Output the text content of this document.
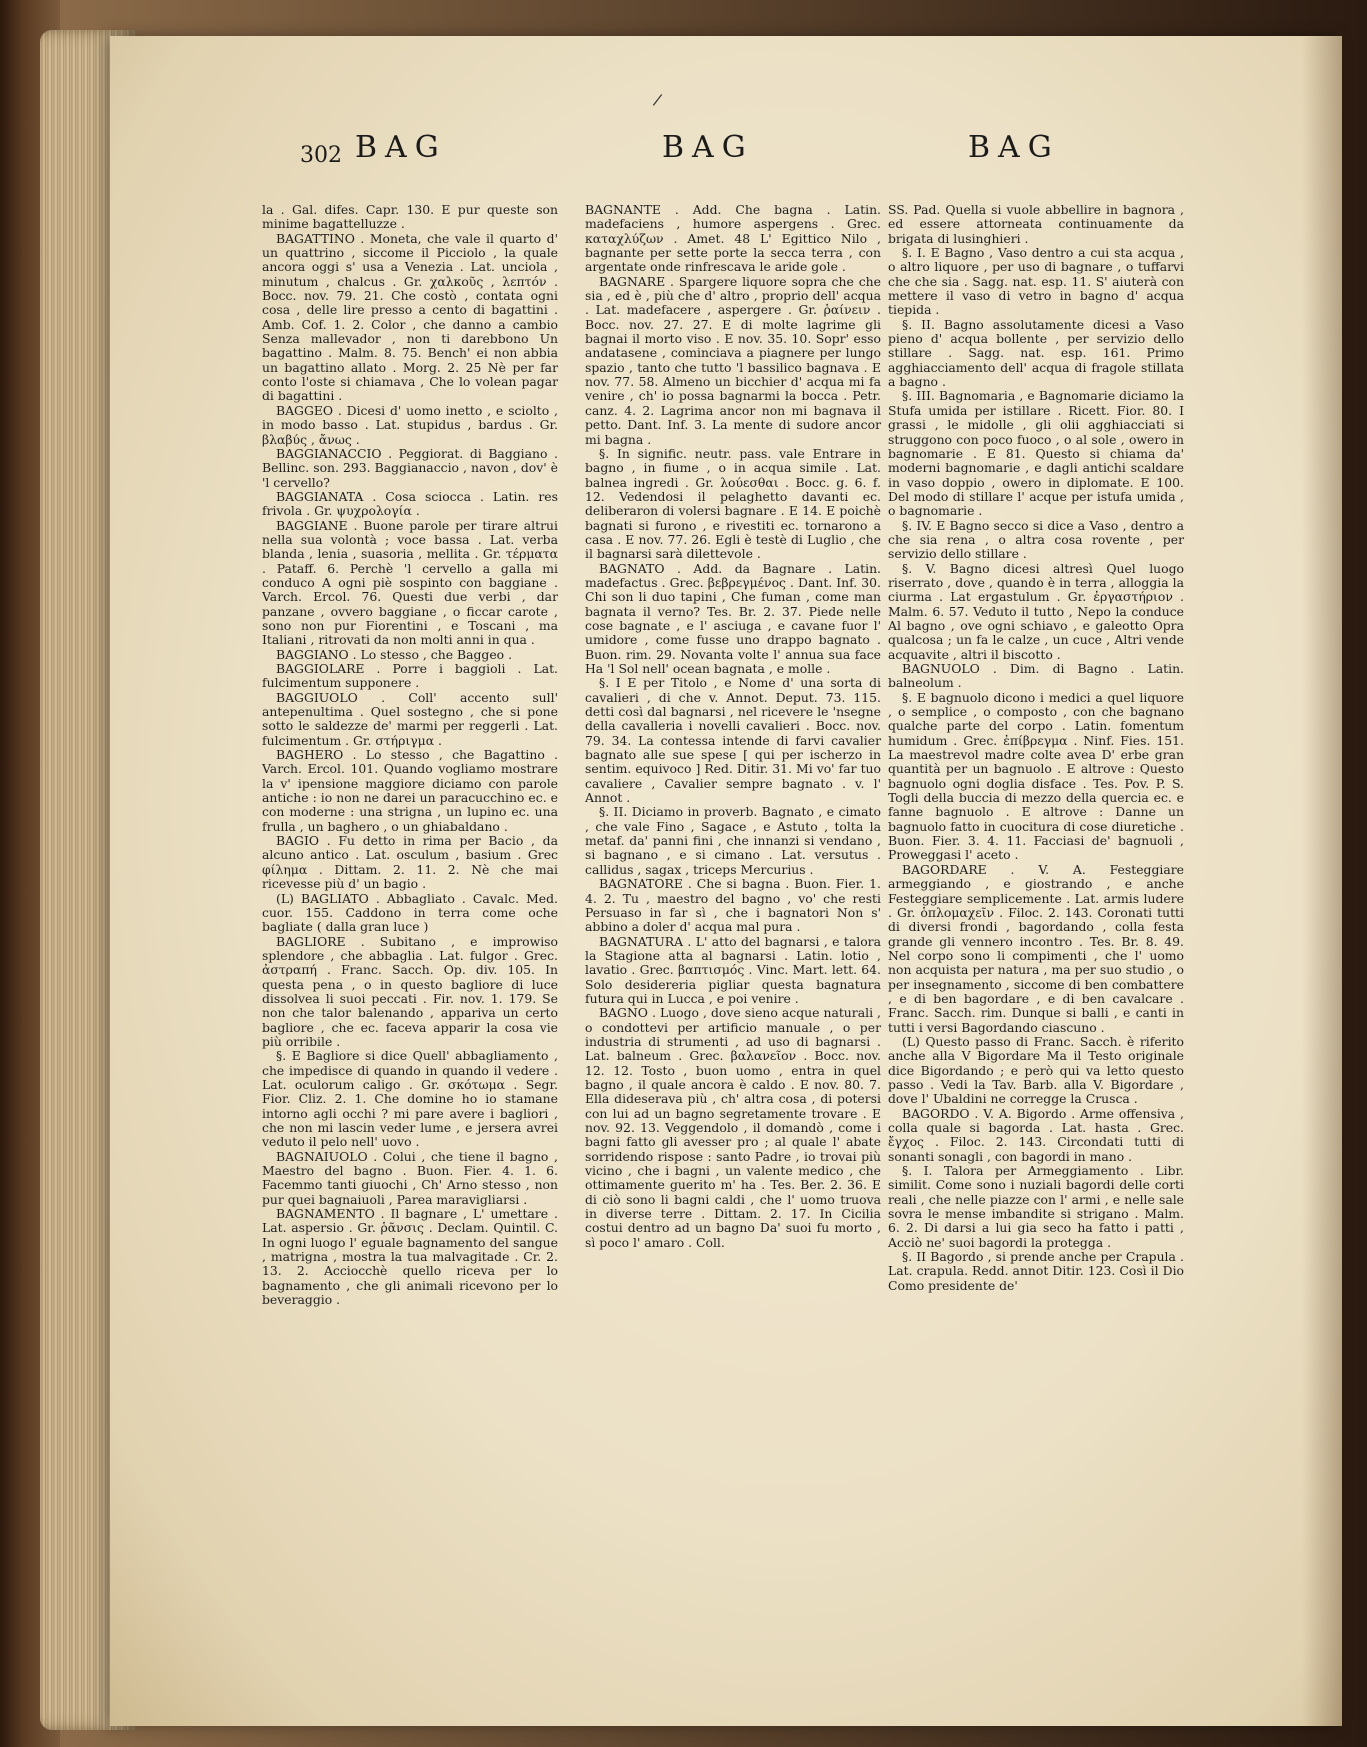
/
302 BAG	BAG	BAG

la . Gal. difes. Capr. 130. E pur queste son minime bagattelluzze .

BAGATTINO . Moneta, che vale il quarto d' un quattrino , siccome il Picciolo , la quale ancora oggi s' usa a Venezia . Lat. unciola , minutum , chalcus . Gr. χαλκοῦς , λεπτόν . Bocc. nov. 79. 21. Che costò , contata ogni cosa , delle lire presso a cento di bagattini . Amb. Cof. 1. 2. Color , che danno a cambio Senza mallevador , non ti darebbono Un bagattino . Malm. 8. 75. Bench' ei non abbia un bagattino allato . Morg. 2. 25 Nè per far conto l'oste si chiamava , Che lo volean pagar di bagattini .

BAGGEO . Dicesi d' uomo inetto , e sciolto , in modo basso . Lat. stupidus , bardus . Gr. βλαβύς , ἄνως .

BAGGIANACCIO . Peggiorat. di Baggiano . Bellinc. son. 293. Baggianaccio , navon , dov' è 'l cervello?

BAGGIANATA . Cosa sciocca . Latin. res frivola . Gr. ψυχρολογία .

BAGGIANE . Buone parole per tirare altrui nella sua volontà ; voce bassa . Lat. verba blanda , lenia , suasoria , mellita . Gr. τέρματα . Pataff. 6. Perchè 'l cervello a galla mi conduco A ogni piè sospinto con baggiane . Varch. Ercol. 76. Questi due verbi , dar panzane , ovvero baggiane , o ficcar carote , sono non pur Fiorentini , e Toscani , ma Italiani , ritrovati da non molti anni in qua .

BAGGIANO . Lo stesso , che Baggeo .

BAGGIOLARE . Porre i baggioli . Lat. fulcimentum supponere .

BAGGIUOLO . Coll' accento sull' antepenultima . Quel sostegno , che si pone sotto le saldezze de' marmi per reggerli . Lat. fulcimentum . Gr. στήριγμα .

BAGHERO . Lo stesso , che Bagattino . Varch. Ercol. 101. Quando vogliamo mostrare la v' ipensione maggiore diciamo con parole antiche : io non ne darei un paracucchino ec. e con moderne : una strigna , un lupino ec. una frulla , un baghero , o un ghiabaldano .

BAGIO . Fu detto in rima per Bacio , da alcuno antico . Lat. osculum , basium . Grec φίλημα . Dittam. 2. 11. 2. Nè che mai ricevesse più d' un bagio .

(L) BAGLIATO . Abbagliato . Cavalc. Med. cuor. 155. Caddono in terra come oche bagliate ( dalla gran luce )

BAGLIORE . Subitano , e improwiso splendore , che abbaglia . Lat. fulgor . Grec. ἀστραπή . Franc. Sacch. Op. div. 105. In questa pena , o in questo bagliore di luce dissolvea li suoi peccati . Fir. nov. 1. 179. Se non che talor balenando , appariva un certo bagliore , che ec. faceva apparir la cosa vie più orribile .

§. E Bagliore si dice Quell' abbagliamento , che impedisce di quando in quando il vedere . Lat. oculorum caligo . Gr. σκότωμα . Segr. Fior. Cliz. 2. 1. Che domine ho io stamane intorno agli occhi ? mi pare avere i bagliori , che non mi lascin veder lume , e jersera avrei veduto il pelo nell' uovo .

BAGNAIUOLO . Colui , che tiene il bagno , Maestro del bagno . Buon. Fier. 4. 1. 6. Facemmo tanti giuochi , Ch' Arno stesso , non pur quei bagnaiuoli , Parea maravigliarsi .

BAGNAMENTO . Il bagnare , L' umettare . Lat. aspersio . Gr. ῥᾶνσις . Declam. Quintil. C. In ogni luogo l' eguale bagnamento del sangue , matrigna , mostra la tua malvagitade . Cr. 2. 13. 2. Acciocchè quello riceva per lo bagnamento , che gli animali ricevono per lo beveraggio .

BAGNANTE . Add. Che bagna . Latin. madefaciens , humore aspergens . Grec. καταχλύζων . Amet. 48 L' Egittico Nilo , bagnante per sette porte la secca terra , con argentate onde rinfrescava le aride gole .

BAGNARE . Spargere liquore sopra che che sia , ed è , più che d' altro , proprio dell' acqua . Lat. madefacere , aspergere . Gr. ῥαίνειν . Bocc. nov. 27. 27. E di molte lagrime gli bagnai il morto viso . E nov. 35. 10. Sopr' esso andatasene , cominciava a piagnere per lungo spazio , tanto che tutto 'l bassilico bagnava . E nov. 77. 58. Almeno un bicchier d' acqua mi fa venire , ch' io possa bagnarmi la bocca . Petr. canz. 4. 2. Lagrima ancor non mi bagnava il petto. Dant. Inf. 3. La mente di sudore ancor mi bagna .

§. In signific. neutr. pass. vale Entrare in bagno , in fiume , o in acqua simile . Lat. balnea ingredi . Gr. λούεσθαι . Bocc. g. 6. f. 12. Vedendosi il pelaghetto davanti ec. deliberaron di volersi bagnare . E 14. E poichè bagnati si furono , e rivestiti ec. tornarono a casa . E nov. 77. 26. Egli è testè di Luglio , che il bagnarsi sarà dilettevole .

BAGNATO . Add. da Bagnare . Latin. madefactus . Grec. βεβρεγμένος . Dant. Inf. 30. Chi son li duo tapini , Che fuman , come man bagnata il verno? Tes. Br. 2. 37. Piede nelle cose bagnate , e l' asciuga , e cavane fuor l' umidore , come fusse uno drappo bagnato . Buon. rim. 29. Novanta volte l' annua sua face Ha 'l Sol nell' ocean bagnata , e molle .

§. I E per Titolo , e Nome d' una sorta di cavalieri , di che v. Annot. Deput. 73. 115. detti così dal bagnarsi , nel ricevere le 'nsegne della cavalleria i novelli cavalieri . Bocc. nov. 79. 34. La contessa intende di farvi cavalier bagnato alle sue spese [ qui per ischerzo in sentim. equivoco ] Red. Ditir. 31. Mi vo' far tuo cavaliere , Cavalier sempre bagnato . v. l' Annot .

§. II. Diciamo in proverb. Bagnato , e cimato , che vale Fino , Sagace , e Astuto , tolta la metaf. da' panni fini , che innanzi si vendano , si bagnano , e si cimano . Lat. versutus . callidus , sagax , triceps Mercurius .

BAGNATORE . Che si bagna . Buon. Fier. 1. 4. 2. Tu , maestro del bagno , vo' che resti Persuaso in far sì , che i bagnatori Non s' abbino a doler d' acqua mal pura .

BAGNATURA . L' atto del bagnarsi , e talora la Stagione atta al bagnarsi . Latin. lotio , lavatio . Grec. βαπτισμός . Vinc. Mart. lett. 64. Solo desidereria pigliar questa bagnatura futura qui in Lucca , e poi venire .

BAGNO . Luogo , dove sieno acque naturali , o condottevi per artificio manuale , o per industria di strumenti , ad uso di bagnarsi . Lat. balneum . Grec. βαλανεῖον . Bocc. nov. 12. 12. Tosto , buon uomo , entra in quel bagno , il quale ancora è caldo . E nov. 80. 7. Ella dideserava più , ch' altra cosa , di potersi con lui ad un bagno segretamente trovare . E nov. 92. 13. Veggendolo , il domandò , come i bagni fatto gli avesser pro ; al quale l' abate sorridendo rispose : santo Padre , io trovai più vicino , che i bagni , un valente medico , che ottimamente guerito m' ha . Tes. Ber. 2. 36. E di ciò sono li bagni caldi , che l' uomo truova in diverse terre . Dittam. 2. 17. In Cicilia costui dentro ad un bagno Da' suoi fu morto , sì poco l' amaro . Coll.

SS. Pad. Quella si vuole abbellire in bagnora , ed essere attorneata continuamente da brigata di lusinghieri .

§. I. E Bagno , Vaso dentro a cui sta acqua , o altro liquore , per uso di bagnare , o tuffarvi che che sia . Sagg. nat. esp. 11. S' aiuterà con mettere il vaso di vetro in bagno d' acqua tiepida .

§. II. Bagno assolutamente dicesi a Vaso pieno d' acqua bollente , per servizio dello stillare . Sagg. nat. esp. 161. Primo agghiacciamento dell' acqua di fragole stillata a bagno .

§. III. Bagnomaria , e Bagnomarie diciamo la Stufa umida per istillare . Ricett. Fior. 80. I grassi , le midolle , gli olii agghiacciati si struggono con poco fuoco , o al sole , owero in bagnomarie . E 81. Questo si chiama da' moderni bagnomarie , e dagli antichi scaldare in vaso doppio , owero in diplomate. E 100. Del modo di stillare l' acque per istufa umida , o bagnomarie .

§. IV. E Bagno secco si dice a Vaso , dentro a che sia rena , o altra cosa rovente , per servizio dello stillare .

§. V. Bagno dicesi altresì Quel luogo riserrato , dove , quando è in terra , alloggia la ciurma . Lat ergastulum . Gr. ἐργαστήριον . Malm. 6. 57. Veduto il tutto , Nepo la conduce Al bagno , ove ogni schiavo , e galeotto Opra qualcosa ; un fa le calze , un cuce , Altri vende acquavite , altri il biscotto .

BAGNUOLO . Dim. di Bagno . Latin. balneolum .

§. E bagnuolo dicono i medici a quel liquore , o semplice , o composto , con che bagnano qualche parte del corpo . Latin. fomentum humidum . Grec. ἐπίβρεγμα . Ninf. Fies. 151. La maestrevol madre colte avea D' erbe gran quantità per un bagnuolo . E altrove : Questo bagnuolo ogni doglia disface . Tes. Pov. P. S. Togli della buccia di mezzo della quercia ec. e fanne bagnuolo . E altrove : Danne un bagnuolo fatto in cuocitura di cose diuretiche . Buon. Fier. 3. 4. 11. Facciasi de' bagnuoli , Proweggasi l' aceto .

BAGORDARE . V. A. Festeggiare armeggiando , e giostrando , e anche Festeggiare semplicemente . Lat. armis ludere . Gr. ὁπλομαχεῖν . Filoc. 2. 143. Coronati tutti di diversi frondi , bagordando , colla festa grande gli vennero incontro . Tes. Br. 8. 49. Nel corpo sono li compimenti , che l' uomo non acquista per natura , ma per suo studio , o per insegnamento , siccome di ben combattere , e di ben bagordare , e di ben cavalcare . Franc. Sacch. rim. Dunque si balli , e canti in tutti i versi Bagordando ciascuno .

(L) Questo passo di Franc. Sacch. è riferito anche alla V Bigordare Ma il Testo originale dice Bigordando ; e però qui va letto questo passo . Vedi la Tav. Barb. alla V. Bigordare , dove l' Ubaldini ne corregge la Crusca .

BAGORDO . V. A. Bigordo . Arme offensiva , colla quale si bagorda . Lat. hasta . Grec. ἔγχος . Filoc. 2. 143. Circondati tutti di sonanti sonagli , con bagordi in mano .

§. I. Talora per Armeggiamento . Libr. similit. Come sono i nuziali bagordi delle corti reali , che nelle piazze con l' armi , e nelle sale sovra le mense imbandite si strigano . Malm. 6. 2. Di darsi a lui gia seco ha fatto i patti , Acciò ne' suoi bagordi la protegga .

§. II Bagordo , si prende anche per Crapula . Lat. crapula. Redd. annot Ditir. 123. Così il Dio Como presidente de'
